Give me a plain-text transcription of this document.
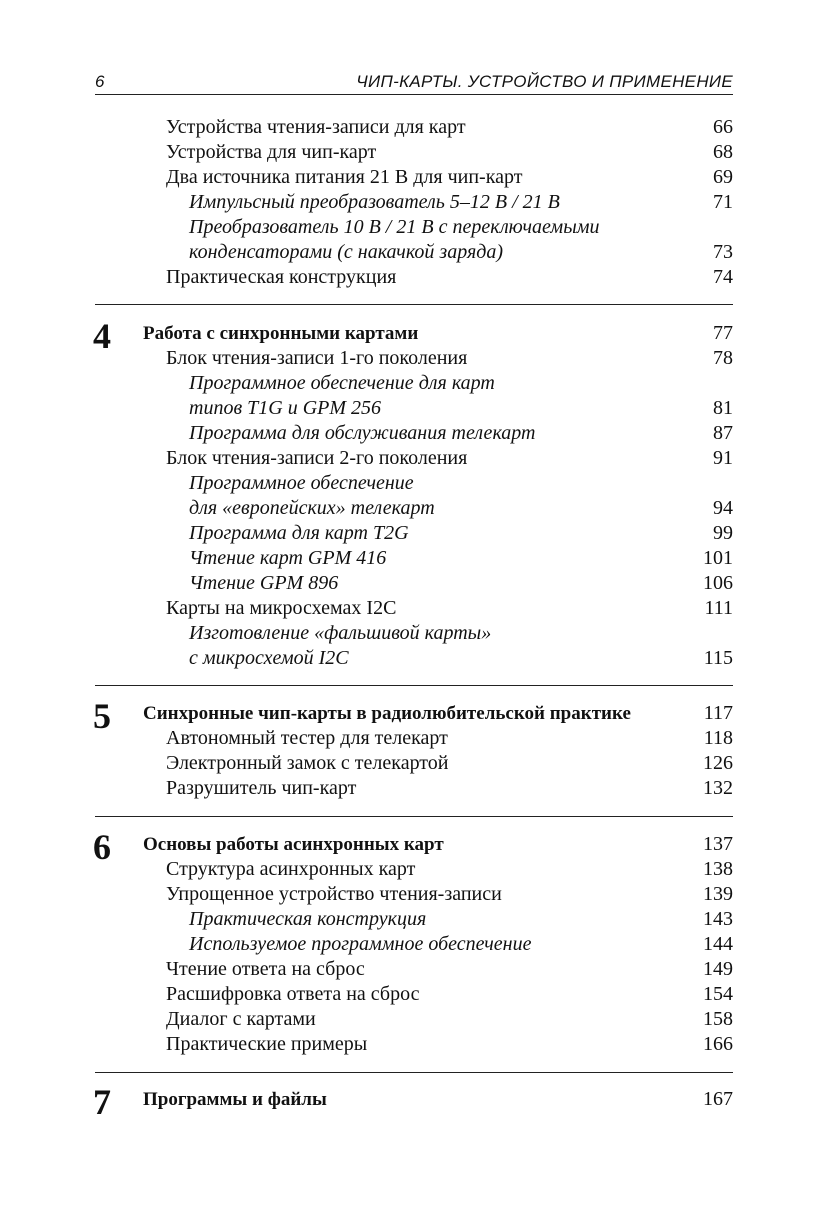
6	ЧИП-КАРТЫ. УСТРОЙСТВО И ПРИМЕНЕНИЕ
Устройства чтения-записи для карт	66
Устройства для чип-карт	68
Два источника питания 21 В для чип-карт	69
Импульсный преобразователь 5–12 В / 21 В	71
Преобразователь 10 В / 21 В с переключаемыми
конденсаторами (с накачкой заряда)	73
Практическая конструкция	74
4 Работа с синхронными картами	77
Блок чтения-записи 1-го поколения	78
Программное обеспечение для карт
типов T1G и GPM 256	81
Программа для обслуживания телекарт	87
Блок чтения-записи 2-го поколения	91
Программное обеспечение
для «европейских» телекарт	94
Программа для карт T2G	99
Чтение карт GPM 416	101
Чтение GPM 896	106
Карты на микросхемах I2C	111
Изготовление «фальшивой карты»
с микросхемой I2C	115
5 Синхронные чип-карты в радиолюбительской практике	117
Автономный тестер для телекарт	118
Электронный замок с телекартой	126
Разрушитель чип-карт	132
6 Основы работы асинхронных карт	137
Структура асинхронных карт	138
Упрощенное устройство чтения-записи	139
Практическая конструкция	143
Используемое программное обеспечение	144
Чтение ответа на сброс	149
Расшифровка ответа на сброс	154
Диалог с картами	158
Практические примеры	166
7 Программы и файлы	167
